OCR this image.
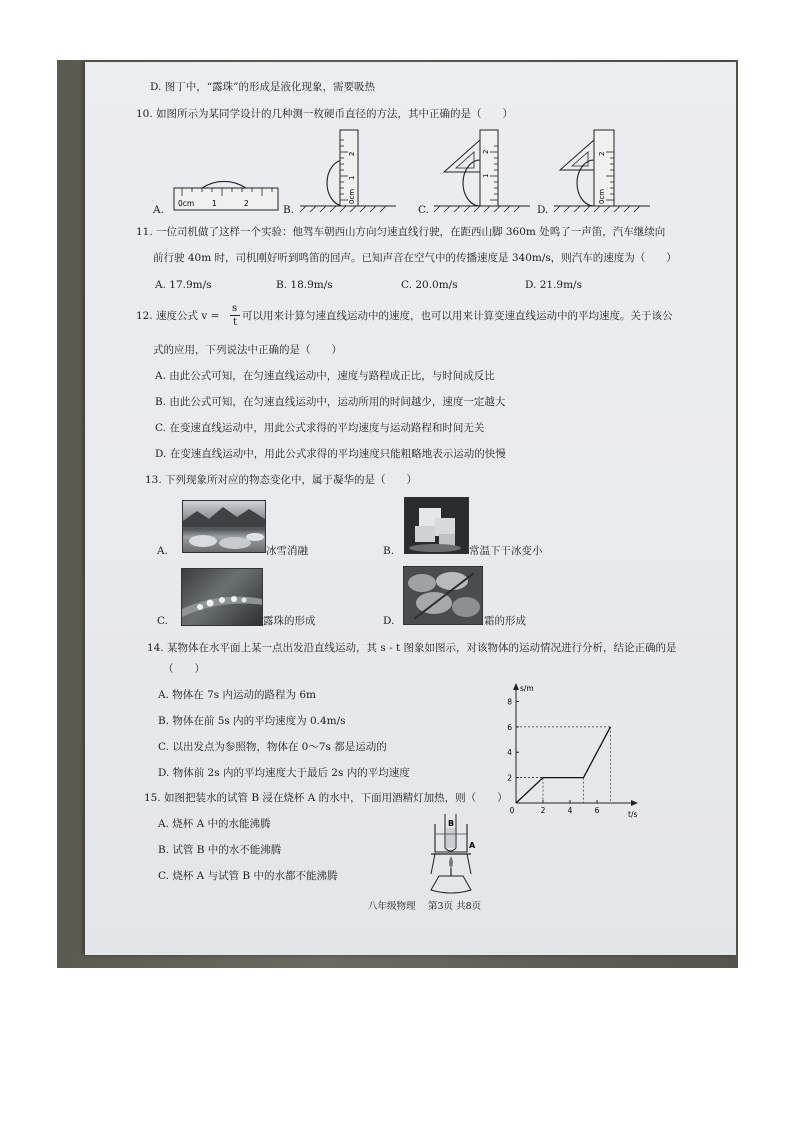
D. 图丁中，“露珠”的形成是液化现象，需要吸热
10. 如图所示为某同学设计的几种测一枚硬币直径的方法，其中正确的是（　　）
A.	B.	C.	D.
0cm 1	2	0cm
1
2
1
2
0cm
2
11. 一位司机做了这样一个实验：他驾车朝西山方向匀速直线行驶，在距西山脚 360m 处鸣了一声笛，汽车继续向
前行驶 40m 时，司机刚好听到鸣笛的回声。已知声音在空气中的传播速度是 340m/s，则汽车的速度为（　　）
A. 17.9m/s	B. 18.9m/s	C. 20.0m/s	D. 21.9m/s
12. 速度公式 v =
s
t
可以用来计算匀速直线运动中的速度，也可以用来计算变速直线运动中的平均速度。关于该公
式的应用，下列说法中正确的是（　　）
A. 由此公式可知，在匀速直线运动中，速度与路程成正比，与时间成反比
B. 由此公式可知，在匀速直线运动中，运动所用的时间越少，速度一定越大
C. 在变速直线运动中，用此公式求得的平均速度与运动路程和时间无关
D. 在变速直线运动中，用此公式求得的平均速度只能粗略地表示运动的快慢
13. 下列现象所对应的物态变化中，属于凝华的是（　　）
A.	冰雪消融	B.	常温下干冰变小
C.	露珠的形成	D.	霜的形成
14. 某物体在水平面上某一点出发沿直线运动，其 s - t 图象如图示，对该物体的运动情况进行分析，结论正确的是
（　　）
A. 物体在 7s 内运动的路程为 6m
B. 物体在前 5s 内的平均速度为 0.4m/s
C. 以出发点为参照物，物体在 0～7s 都是运动的
D. 物体前 2s 内的平均速度大于最后 2s 内的平均速度
s/m
t/s
0	2	4	6
2
4
6
8
15. 如图把装水的试管 B 浸在烧杯 A 的水中，下面用酒精灯加热，则（　　）
A. 烧杯 A 中的水能沸腾
B. 试管 B 中的水不能沸腾
C. 烧杯 A 与试管 B 中的水都不能沸腾
B
A
八年级物理 第3页 共8页
